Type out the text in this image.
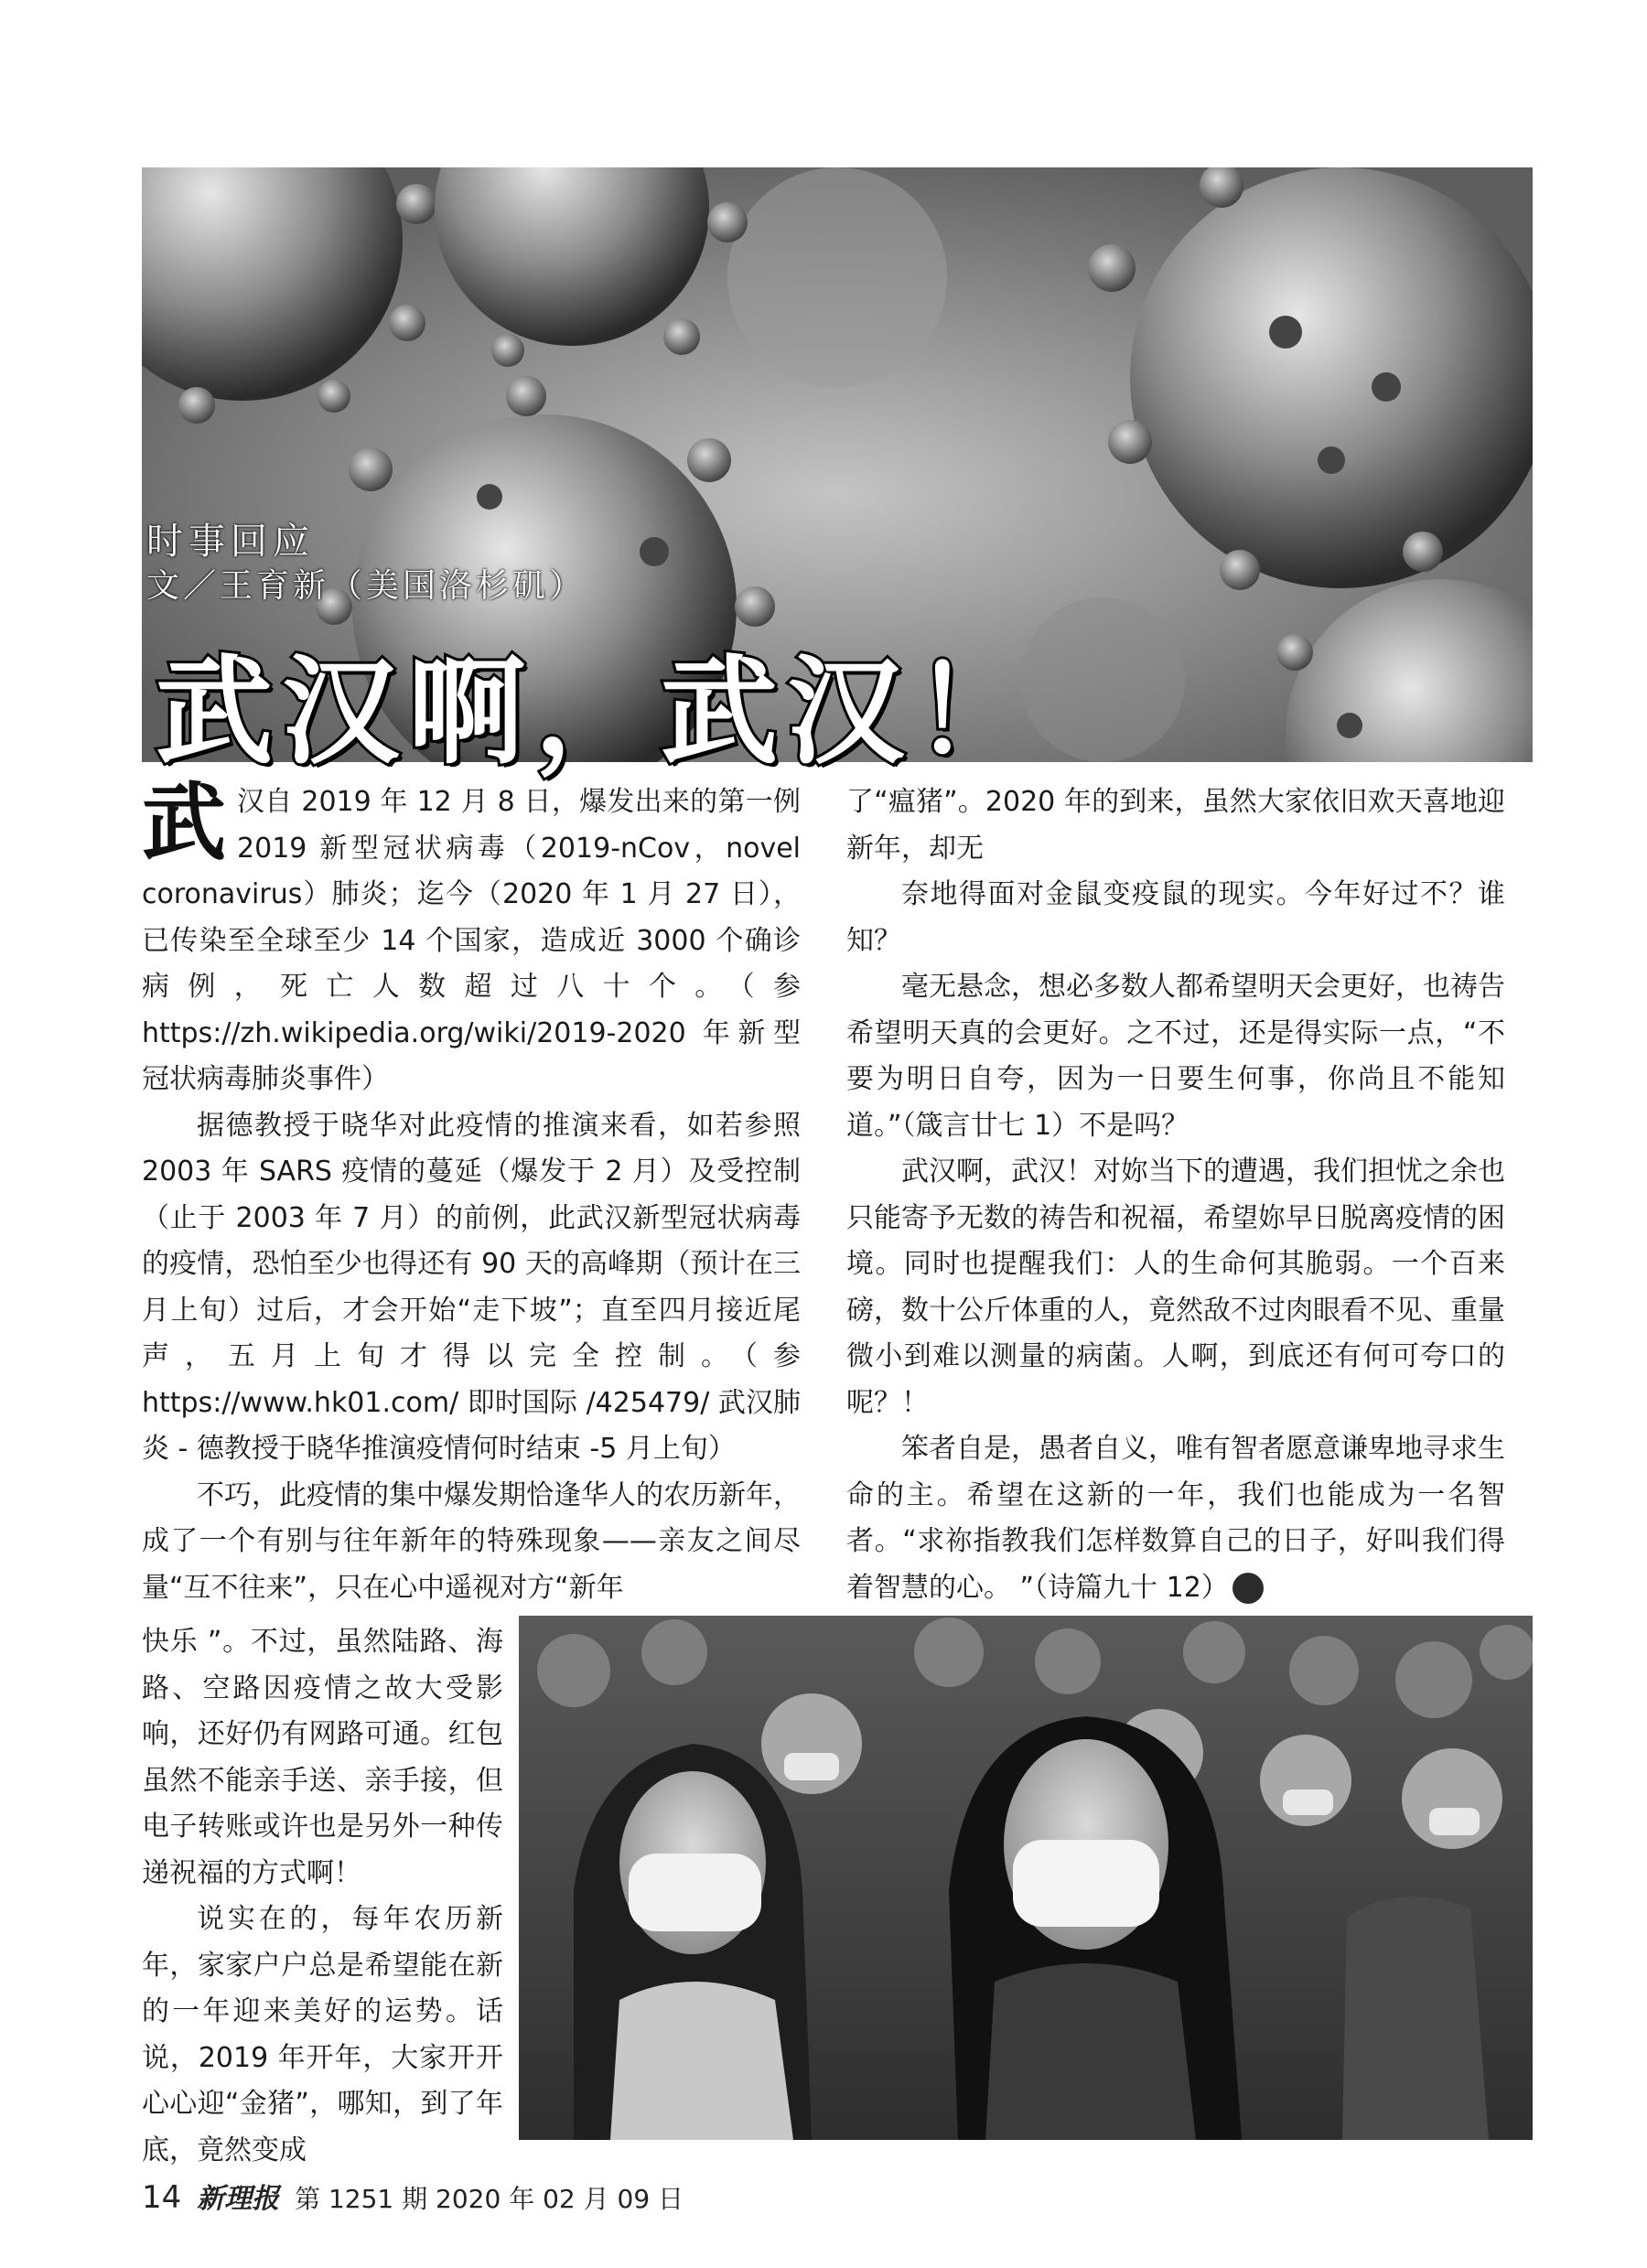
时事回应
文／王育新（美国洛杉矶）
武汉啊，武汉！

武汉自 2019 年 12 月 8 日，爆发出来的第一例 2019 新型冠状病毒（2019-nCov，novel coronavirus）肺炎；迄今（2020 年 1 月 27 日），已传染至全球至少 14 个国家，造成近 3000 个确诊病例，死亡人数超过八十个。（参 https://zh.wikipedia.org/wiki/2019-2020 年新型冠状病毒肺炎事件）

据德教授于晓华对此疫情的推演来看，如若参照 2003 年 SARS 疫情的蔓延（爆发于 2 月）及受控制（止于 2003 年 7 月）的前例，此武汉新型冠状病毒的疫情，恐怕至少也得还有 90 天的高峰期（预计在三月上旬）过后，才会开始“走下坡”；直至四月接近尾声，五月上旬才得以完全控制。（参 https://www.hk01.com/ 即时国际 /425479/ 武汉肺炎 - 德教授于晓华推演疫情何时结束 -5 月上旬）

不巧，此疫情的集中爆发期恰逢华人的农历新年，成了一个有别与往年新年的特殊现象——亲友之间尽量“互不往来”，只在心中遥视对方“新年

快乐 ”。不过，虽然陆路、海路、空路因疫情之故大受影响，还好仍有网路可通。红包虽然不能亲手送、亲手接，但电子转账或许也是另外一种传递祝福的方式啊！

说实在的，每年农历新年，家家户户总是希望能在新的一年迎来美好的运势。话说，2019 年开年，大家开开心心迎“金猪”，哪知，到了年底，竟然变成

了“瘟猪”。2020 年的到来，虽然大家依旧欢天喜地迎新年，却无

奈地得面对金鼠变疫鼠的现实。今年好过不？谁知？

毫无悬念，想必多数人都希望明天会更好，也祷告希望明天真的会更好。之不过，还是得实际一点，“不要为明日自夸，因为一日要生何事，你尚且不能知道。”（箴言廿七 1）不是吗？

武汉啊，武汉！对妳当下的遭遇，我们担忧之余也只能寄予无数的祷告和祝福，希望妳早日脱离疫情的困境。同时也提醒我们：人的生命何其脆弱。一个百来磅，数十公斤体重的人，竟然敌不过肉眼看不见、重量微小到难以测量的病菌。人啊，到底还有何可夸口的呢？！

笨者自是，愚者自义，唯有智者愿意谦卑地寻求生命的主。希望在这新的一年，我们也能成为一名智者。“求祢指教我们怎样数算自己的日子，好叫我们得着智慧的心。 ”（诗篇九十 12）	G

14 新理报 第 1251 期 2020 年 02 月 09 日
